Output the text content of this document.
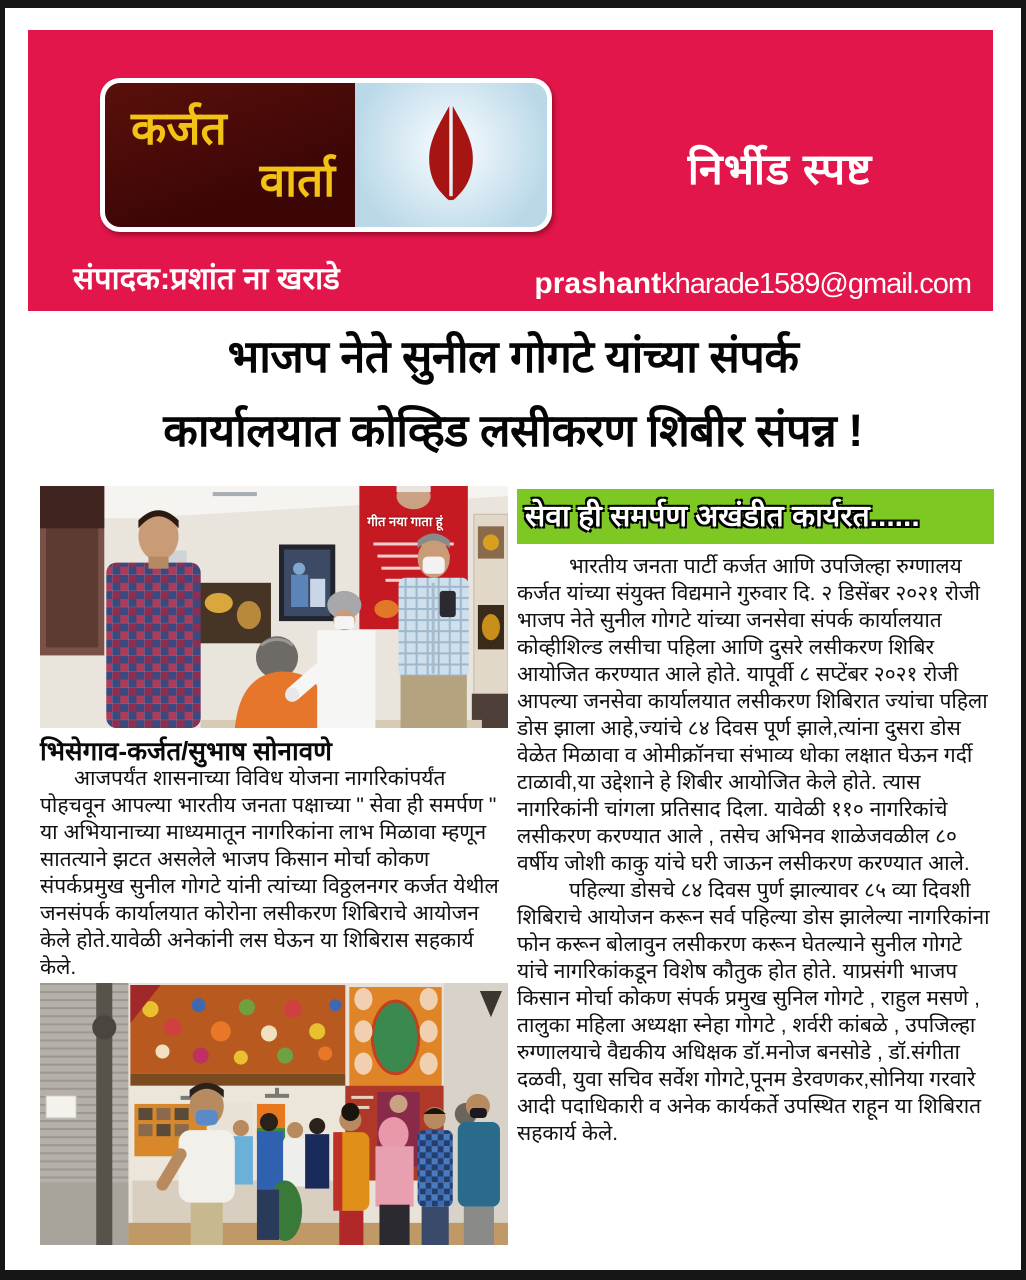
कर्जत
वार्ता	निर्भीड स्पष्ट
संपादक:प्रशांत ना खराडे	prashantkharade1589@gmail.com
भाजप नेते सुनील गोगटे यांच्या संपर्क
कार्यालयात कोव्हिड लसीकरण शिबीर संपन्न !
गीत नया गाता हूं
भिसेगाव-कर्जत/सुभाष सोनावणे

आजपर्यंत शासनाच्या विविध योजना नागरिकांपर्यंत पोहचवून आपल्या भारतीय जनता पक्षाच्या " सेवा ही समर्पण " या अभियानाच्या माध्यमातून नागरिकांना लाभ मिळावा म्हणून सातत्याने झटत असलेले भाजप किसान मोर्चा कोकण संपर्कप्रमुख सुनील गोगटे यांनी त्यांच्या विठ्ठलनगर कर्जत येथील जनसंपर्क कार्यालयात कोरोना लसीकरण शिबिराचे आयोजन केले होते.यावेळी अनेकांनी लस घेऊन या शिबिरास सहकार्य केले.

सेवा ही समर्पण अखंडीत कार्यरत......

भारतीय जनता पार्टी कर्जत आणि उपजिल्हा रुग्णालय कर्जत यांच्या संयुक्त विद्यमाने गुरुवार दि. २ डिसेंबर २०२१ रोजी भाजप नेते सुनील गोगटे यांच्या जनसेवा संपर्क कार्यालयात कोव्हीशिल्ड लसीचा पहिला आणि दुसरे लसीकरण शिबिर आयोजित करण्यात आले होते. यापूर्वी ८ सप्टेंबर २०२१ रोजी आपल्या जनसेवा कार्यालयात लसीकरण शिबिरात ज्यांचा पहिला डोस झाला आहे,ज्यांचे ८४ दिवस पूर्ण झाले,त्यांना दुसरा डोस वेळेत मिळावा व ओमीक्रॉनचा संभाव्य धोका लक्षात घेऊन गर्दी टाळावी,या उद्देशाने हे शिबीर आयोजित केले होते. त्यास नागरिकांनी चांगला प्रतिसाद दिला. यावेळी ११० नागरिकांचे लसीकरण करण्यात आले , तसेच अभिनव शाळेजवळील ८० वर्षीय जोशी काकु यांचे घरी जाऊन लसीकरण करण्यात आले.

पहिल्या डोसचे ८४ दिवस पुर्ण झाल्यावर ८५ व्या दिवशी शिबिराचे आयोजन करून सर्व पहिल्या डोस झालेल्या नागरिकांना फोन करून बोलावुन लसीकरण करून घेतल्याने सुनील गोगटे यांचे नागरिकांकडून विशेष कौतुक होत होते. याप्रसंगी भाजप किसान मोर्चा कोकण संपर्क प्रमुख सुनिल गोगटे , राहुल मसणे , तालुका महिला अध्यक्षा स्नेहा गोगटे , शर्वरी कांबळे , उपजिल्हा रुग्णालयाचे वैद्यकीय अधिक्षक डॉ.मनोज बनसोडे , डॉ.संगीता दळवी, युवा सचिव सर्वेश गोगटे,पूनम डेरवणकर,सोनिया गरवारे आदी पदाधिकारी व अनेक कार्यकर्ते उपस्थित राहून या शिबिरात सहकार्य केले.
